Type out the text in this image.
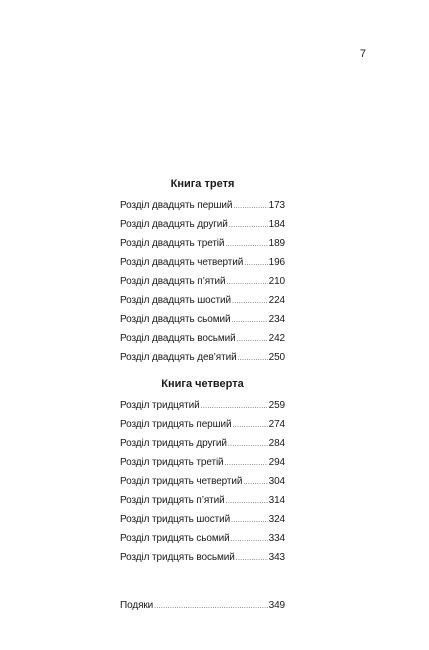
7
Книга третя
Розділ двадцять перший .....	173
Розділ двадцять другий .....	184
Розділ двадцять третій .....	189
Розділ двадцять четвертий .....	196
Розділ двадцять п’ятий .....	210
Розділ двадцять шостий .....	224
Розділ двадцять сьомий .....	234
Розділ двадцять восьмий .....	242
Розділ двадцять дев’ятий .....	250
Книга четверта
Розділ тридцятий .....	259
Розділ тридцять перший .....	274
Розділ тридцять другий .....	284
Розділ тридцять третій .....	294
Розділ тридцять четвертий .....	304
Розділ тридцять п’ятий .....	314
Розділ тридцять шостий .....	324
Розділ тридцять сьомий .....	334
Розділ тридцять восьмий .....	343
Подяки .....	349
